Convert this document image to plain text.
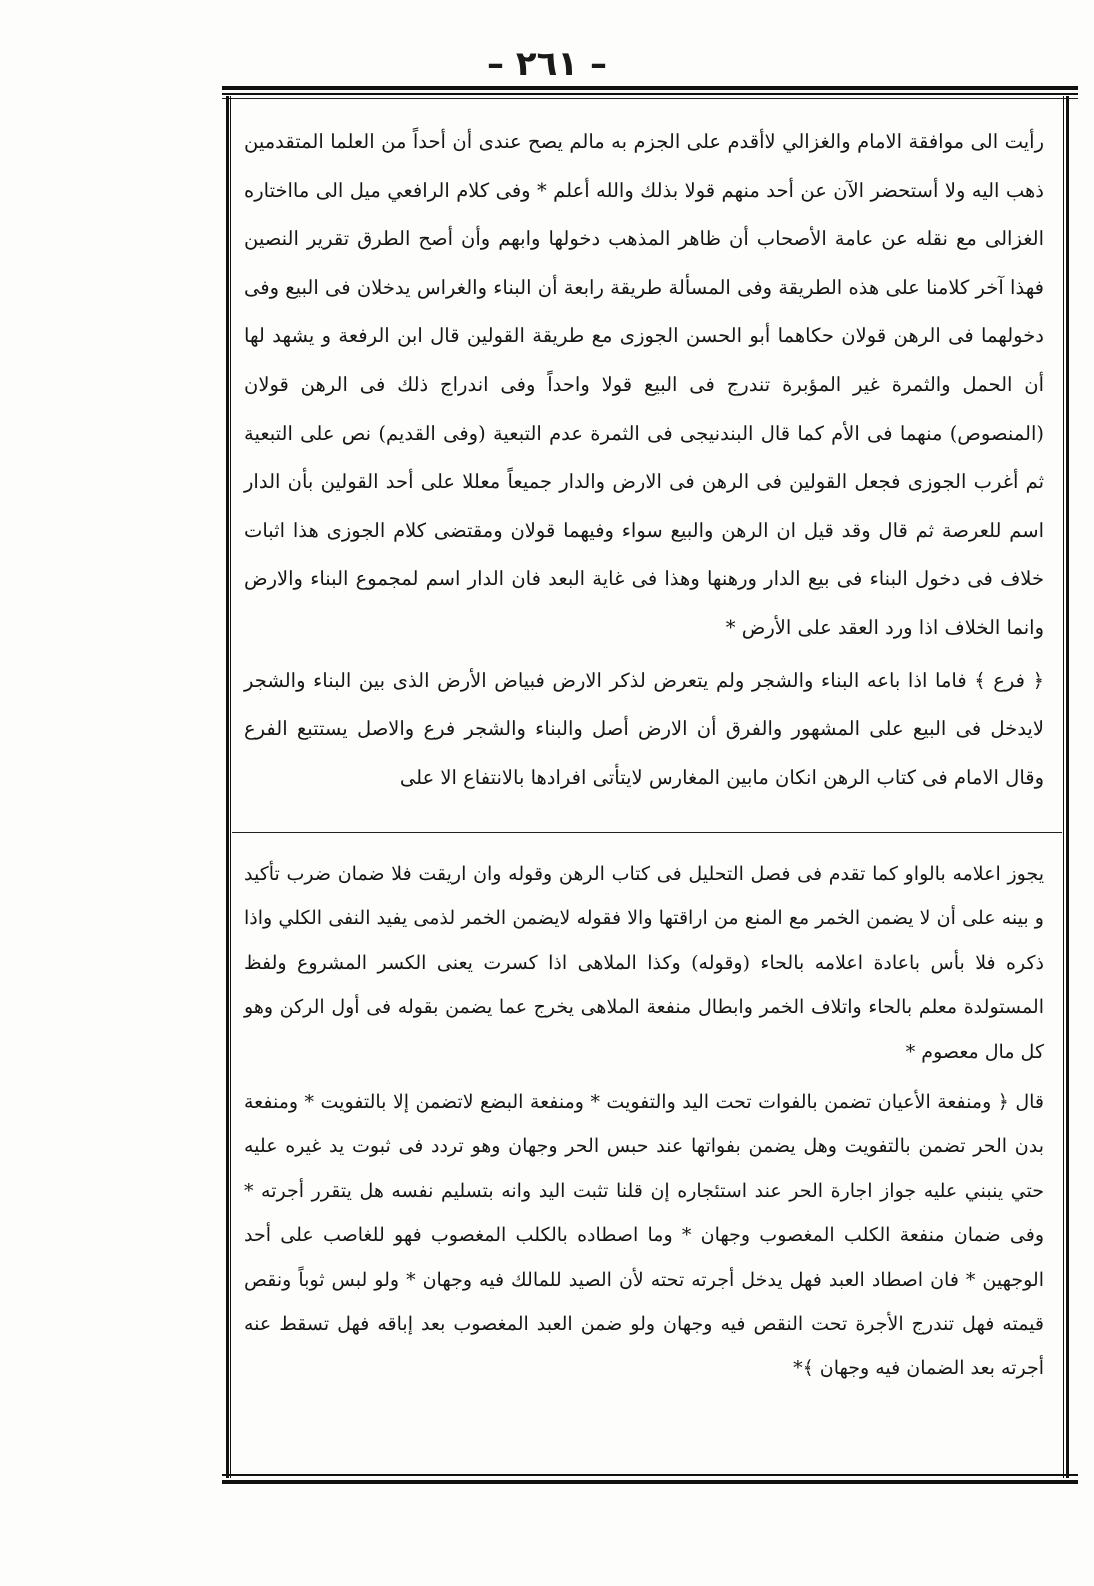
– ٢٦١ –

رأيت الى موافقة الامام والغزالي لاأقدم على الجزم به مالم يصح عندى أن أحداً من العلما المتقدمين ذهب اليه ولا أستحضر الآن عن أحد منهم قولا بذلك والله أعلم * وفى كلام الرافعي ميل الى مااختاره الغزالى مع نقله عن عامة الأصحاب أن ظاهر المذهب دخولها وابهم وأن أصح الطرق تقرير النصين فهذا آخر كلامنا على هذه الطريقة وفى المسألة طريقة رابعة أن البناء والغراس يدخلان فى البيع وفى دخولهما فى الرهن قولان حكاهما أبو الحسن الجوزى مع طريقة القولين قال ابن الرفعة و يشهد لها أن الحمل والثمرة غير المؤبرة تندرج فى البيع قولا واحداً وفى اندراج ذلك فى الرهن قولان (المنصوص) منهما فى الأم كما قال البندنيجى فى الثمرة عدم التبعية (وفى القديم) نص على التبعية ثم أغرب الجوزى فجعل القولين فى الرهن فى الارض والدار جميعاً معللا على أحد القولين بأن الدار اسم للعرصة ثم قال وقد قيل ان الرهن والبيع سواء وفيهما قولان ومقتضى كلام الجوزى هذا اثبات خلاف فى دخول البناء فى بيع الدار ورهنها وهذا فى غاية البعد فان الدار اسم لمجموع البناء والارض وانما الخلاف اذا ورد العقد على الأرض *

﴿ فرع ﴾ فاما اذا باعه البناء والشجر ولم يتعرض لذكر الارض فبياض الأرض الذى بين البناء والشجر لايدخل فى البيع على المشهور والفرق أن الارض أصل والبناء والشجر فرع والاصل يستتبع الفرع وقال الامام فى كتاب الرهن انكان مابين المغارس لايتأتى افرادها بالانتفاع الا على

يجوز اعلامه بالواو كما تقدم فى فصل التحليل فى كتاب الرهن وقوله وان اريقت فلا ضمان ضرب تأكيد و بينه على أن لا يضمن الخمر مع المنع من اراقتها والا فقوله لايضمن الخمر لذمى يفيد النفى الكلي واذا ذكره فلا بأس باعادة اعلامه بالحاء (وقوله) وكذا الملاهى اذا كسرت يعنى الكسر المشروع ولفظ المستولدة معلم بالحاء واتلاف الخمر وابطال منفعة الملاهى يخرج عما يضمن بقوله فى أول الركن وهو كل مال معصوم *

قال ﴿ ومنفعة الأعيان تضمن بالفوات تحت اليد والتفويت * ومنفعة البضع لاتضمن إلا بالتفويت * ومنفعة بدن الحر تضمن بالتفويت وهل يضمن بفواتها عند حبس الحر وجهان وهو تردد فى ثبوت يد غيره عليه حتي ينبني عليه جواز اجارة الحر عند استئجاره إن قلنا تثبت اليد وانه بتسليم نفسه هل يتقرر أجرته * وفى ضمان منفعة الكلب المغصوب وجهان * وما اصطاده بالكلب المغصوب فهو للغاصب على أحد الوجهين * فان اصطاد العبد فهل يدخل أجرته تحته لأن الصيد للمالك فيه وجهان * ولو لبس ثوباً ونقص قيمته فهل تندرج الأجرة تحت النقص فيه وجهان ولو ضمن العبد المغصوب بعد إباقه فهل تسقط عنه أجرته بعد الضمان فيه وجهان ﴾*
